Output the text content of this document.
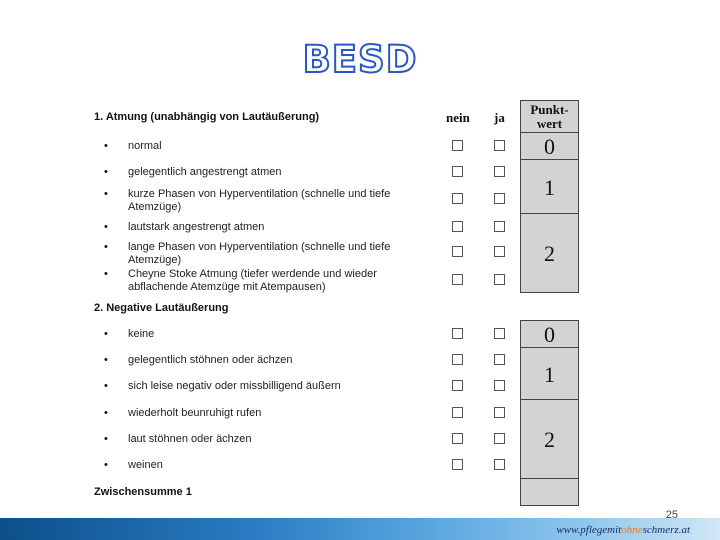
BESD
nein ja
Punkt-
wert
1. Atmung (unabhängig von Lautäußerung)
• normal
• gelegentlich angestrengt atmen
• kurze Phasen von Hyperventilation (schnelle und tiefe Atemzüge)
• lautstark angestrengt atmen
• lange Phasen von Hyperventilation (schnelle und tiefe Atemzüge)
• Cheyne Stoke Atmung (tiefer werdende und wieder abflachende Atemzüge mit Atempausen)
0
1
2
2. Negative Lautäußerung
• keine
• gelegentlich stöhnen oder ächzen
• sich leise negativ oder missbilligend äußern
• wiederholt beunruhigt rufen
• laut stöhnen oder ächzen
• weinen
0
1
2
Zwischensumme 1
25
www.pflegemitohneschmerz.at
